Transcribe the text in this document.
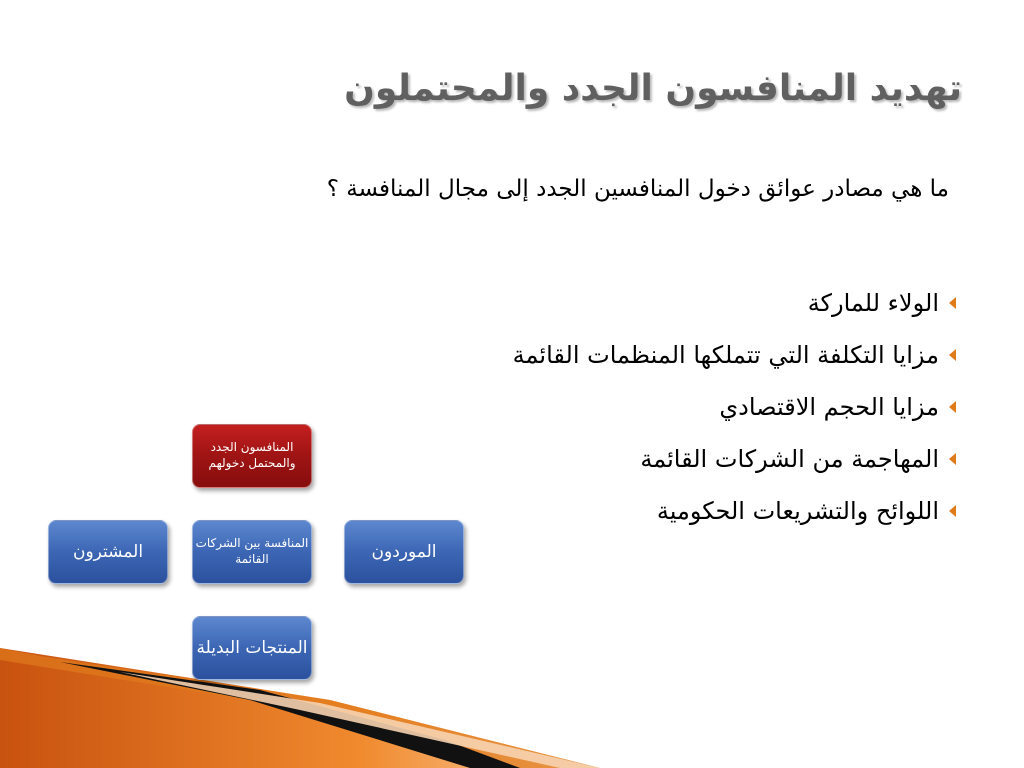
تهديد المنافسون الجدد والمحتملون
ما هي مصادر عوائق دخول المنافسين الجدد إلى مجال المنافسة ؟
الولاء للماركة
مزايا التكلفة التي تتملكها المنظمات القائمة
مزايا الحجم الاقتصادي
المهاجمة من الشركات القائمة
اللوائح والتشريعات الحكومية
المنافسون الجدد والمحتمل دخولهم
المشترون	المنافسة بين الشركات القائمة	الموردون
المنتجات البديلة
